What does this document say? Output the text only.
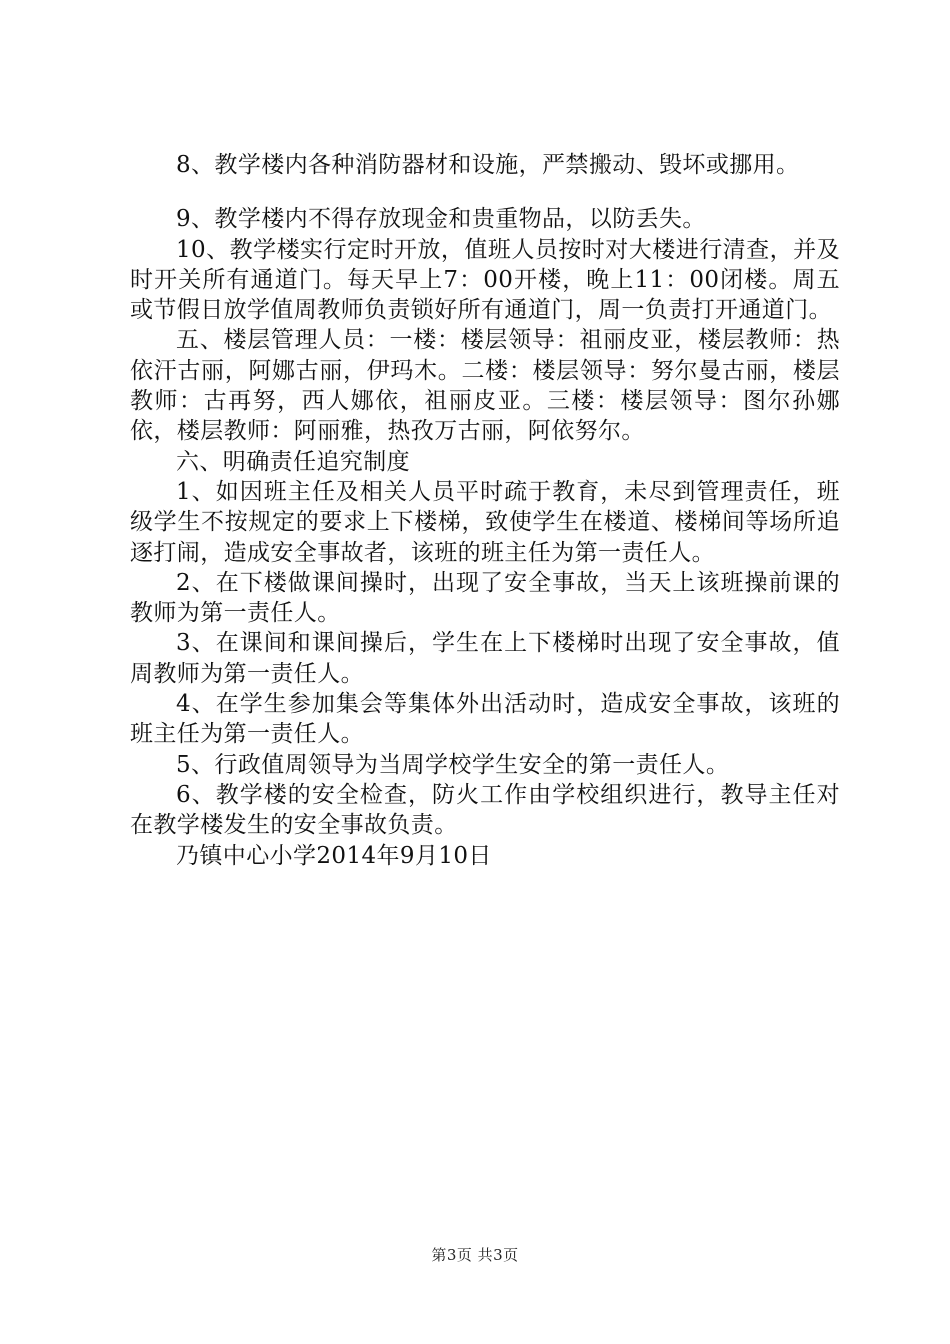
8、教学楼内各种消防器材和设施，严禁搬动、毁坏或挪用。

9、教学楼内不得存放现金和贵重物品，以防丢失。

10、教学楼实行定时开放，值班人员按时对大楼进行清查，并及时开关所有通道门。每天早上7：00开楼，晚上11：00闭楼。周五或节假日放学值周教师负责锁好所有通道门，周一负责打开通道门。

五、楼层管理人员：一楼：楼层领导：祖丽皮亚，楼层教师：热依汗古丽，阿娜古丽，伊玛木。二楼：楼层领导：努尔曼古丽，楼层教师：古再努，西人娜依，祖丽皮亚。三楼：楼层领导：图尔孙娜依，楼层教师：阿丽雅，热孜万古丽，阿依努尔。

六、明确责任追究制度

1、如因班主任及相关人员平时疏于教育，未尽到管理责任，班级学生不按规定的要求上下楼梯，致使学生在楼道、楼梯间等场所追逐打闹，造成安全事故者，该班的班主任为第一责任人。

2、在下楼做课间操时，出现了安全事故，当天上该班操前课的教师为第一责任人。

3、在课间和课间操后，学生在上下楼梯时出现了安全事故，值周教师为第一责任人。

4、在学生参加集会等集体外出活动时，造成安全事故，该班的班主任为第一责任人。

5、行政值周领导为当周学校学生安全的第一责任人。

6、教学楼的安全检查，防火工作由学校组织进行，教导主任对在教学楼发生的安全事故负责。

乃镇中心小学2014年9月10日

第3页 共3页
